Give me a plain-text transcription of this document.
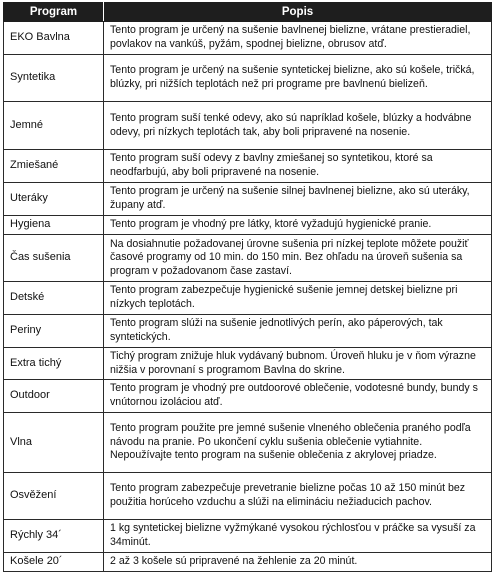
Program	Popis
EKO Bavlna	Tento program je určený na sušenie bavlnenej bielizne, vrátane prestieradiel, povlakov na vankúš, pyžám, spodnej bielizne, obrusov atď.
Syntetika	Tento program je určený na sušenie syntetickej bielizne, ako sú košele, tričká, blúzky, pri nižších teplotách než pri programe pre bavlnenú bielizeň.
Jemné	Tento program suší tenké odevy, ako sú napríklad košele, blúzky a hodvábne odevy, pri nízkych teplotách tak, aby boli pripravené na nosenie.
Zmiešané	Tento program suší odevy z bavlny zmiešanej so syntetikou, ktoré sa neodfarbujú, aby boli pripravené na nosenie.
Uteráky	Tento program je určený na sušenie silnej bavlnenej bielizne, ako sú uteráky, župany atď.
Hygiena	Tento program je vhodný pre látky, ktoré vyžadujú hygienické pranie.
Čas sušenia	Na dosiahnutie požadovanej úrovne sušenia pri nízkej teplote môžete použiť časové programy od 10 min. do 150 min. Bez ohľadu na úroveň sušenia sa program v požadovanom čase zastaví.
Detské	Tento program zabezpečuje hygienické sušenie jemnej detskej bielizne pri nízkych teplotách.
Periny	Tento program slúži na sušenie jednotlivých perín, ako páperových, tak syntetických.
Extra tichý	Tichý program znižuje hluk vydávaný bubnom. Úroveň hluku je v ňom výrazne nižšia v porovnaní s programom Bavlna do skrine.
Outdoor	Tento program je vhodný pre outdoorové oblečenie, vodotesné bundy, bundy s vnútornou izoláciou atď.
Vlna	Tento program použite pre jemné sušenie vlneného oblečenia praného podľa návodu na pranie. Po ukončení cyklu sušenia oblečenie vytiahnite. Nepoužívajte tento program na sušenie oblečenia z akrylovej priadze.
Osvěžení	Tento program zabezpečuje prevetranie bielizne počas 10 až 150 minút bez použitia horúceho vzduchu a slúži na elimináciu nežiaducich pachov.
Rýchly 34´	1 kg syntetickej bielizne vyžmýkané vysokou rýchlosťou v práčke sa vysuší za 34minút.
Košele 20´	2 až 3 košele sú pripravené na žehlenie za 20 minút.
